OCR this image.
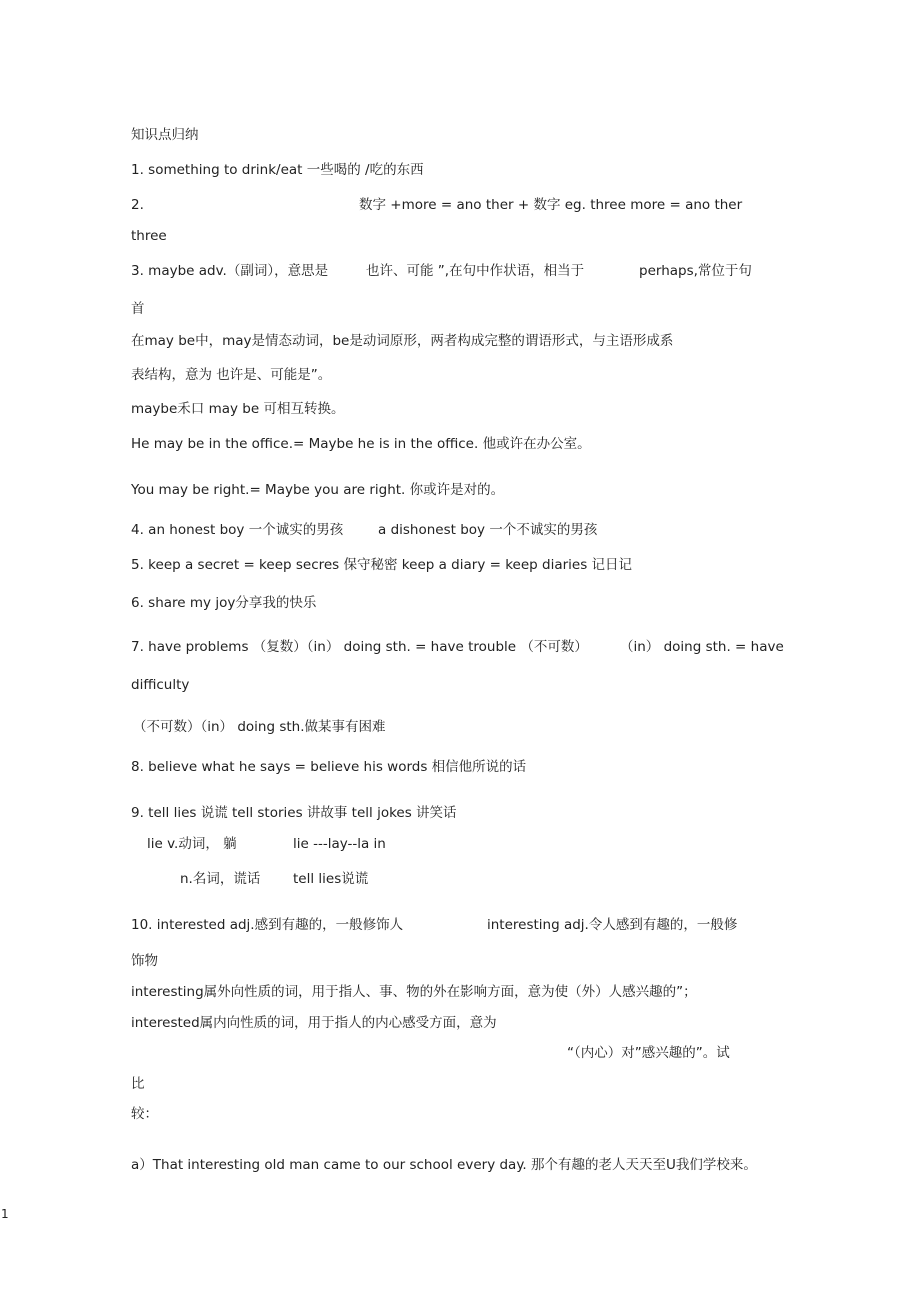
知识点归纳
1. something to drink/eat 一些喝的 /吃的东西
2.	数字 +more = ano ther + 数字 eg. three more = ano ther
three
3. maybe adv.（副词），意思是	也许、可能 ”,在句中作状语，相当于	perhaps,常位于句
首
在may be中，may是情态动词，be是动词原形，两者构成完整的谓语形式，与主语形成系
表结构，意为 也许是、可能是”。
maybe禾口 may be 可相互转换。
He may be in the office.= Maybe he is in the office. 他或许在办公室。
You may be right.= Maybe you are right. 你或许是对的。
4. an honest boy 一个诚实的男孩	a dishonest boy 一个不诚实的男孩
5. keep a secret = keep secres 保守秘密 keep a diary = keep diaries 记日记
6. share my joy分享我的快乐
7. have problems （复数）（in） doing sth. = have trouble （不可数） （in） doing sth. = have
difficulty
（不可数）（in） doing sth.做某事有困难
8. believe what he says = believe his words 相信他所说的话
9. tell lies 说谎 tell stories 讲故事 tell jokes 讲笑话
lie v.动词， 躺	lie ---lay--la in
n.名词，谎话 tell lies说谎
10. interested adj.感到有趣的，一般修饰人	interesting adj.令人感到有趣的，一般修
饰物
interesting属外向性质的词，用于指人、事、物的外在影响方面，意为使（外）人感兴趣的”；
interested属内向性质的词，用于指人的内心感受方面，意为
“（内心）对”感兴趣的”。试
比
较：
a）That interesting old man came to our school every day. 那个有趣的老人天天至U我们学校来。
1
